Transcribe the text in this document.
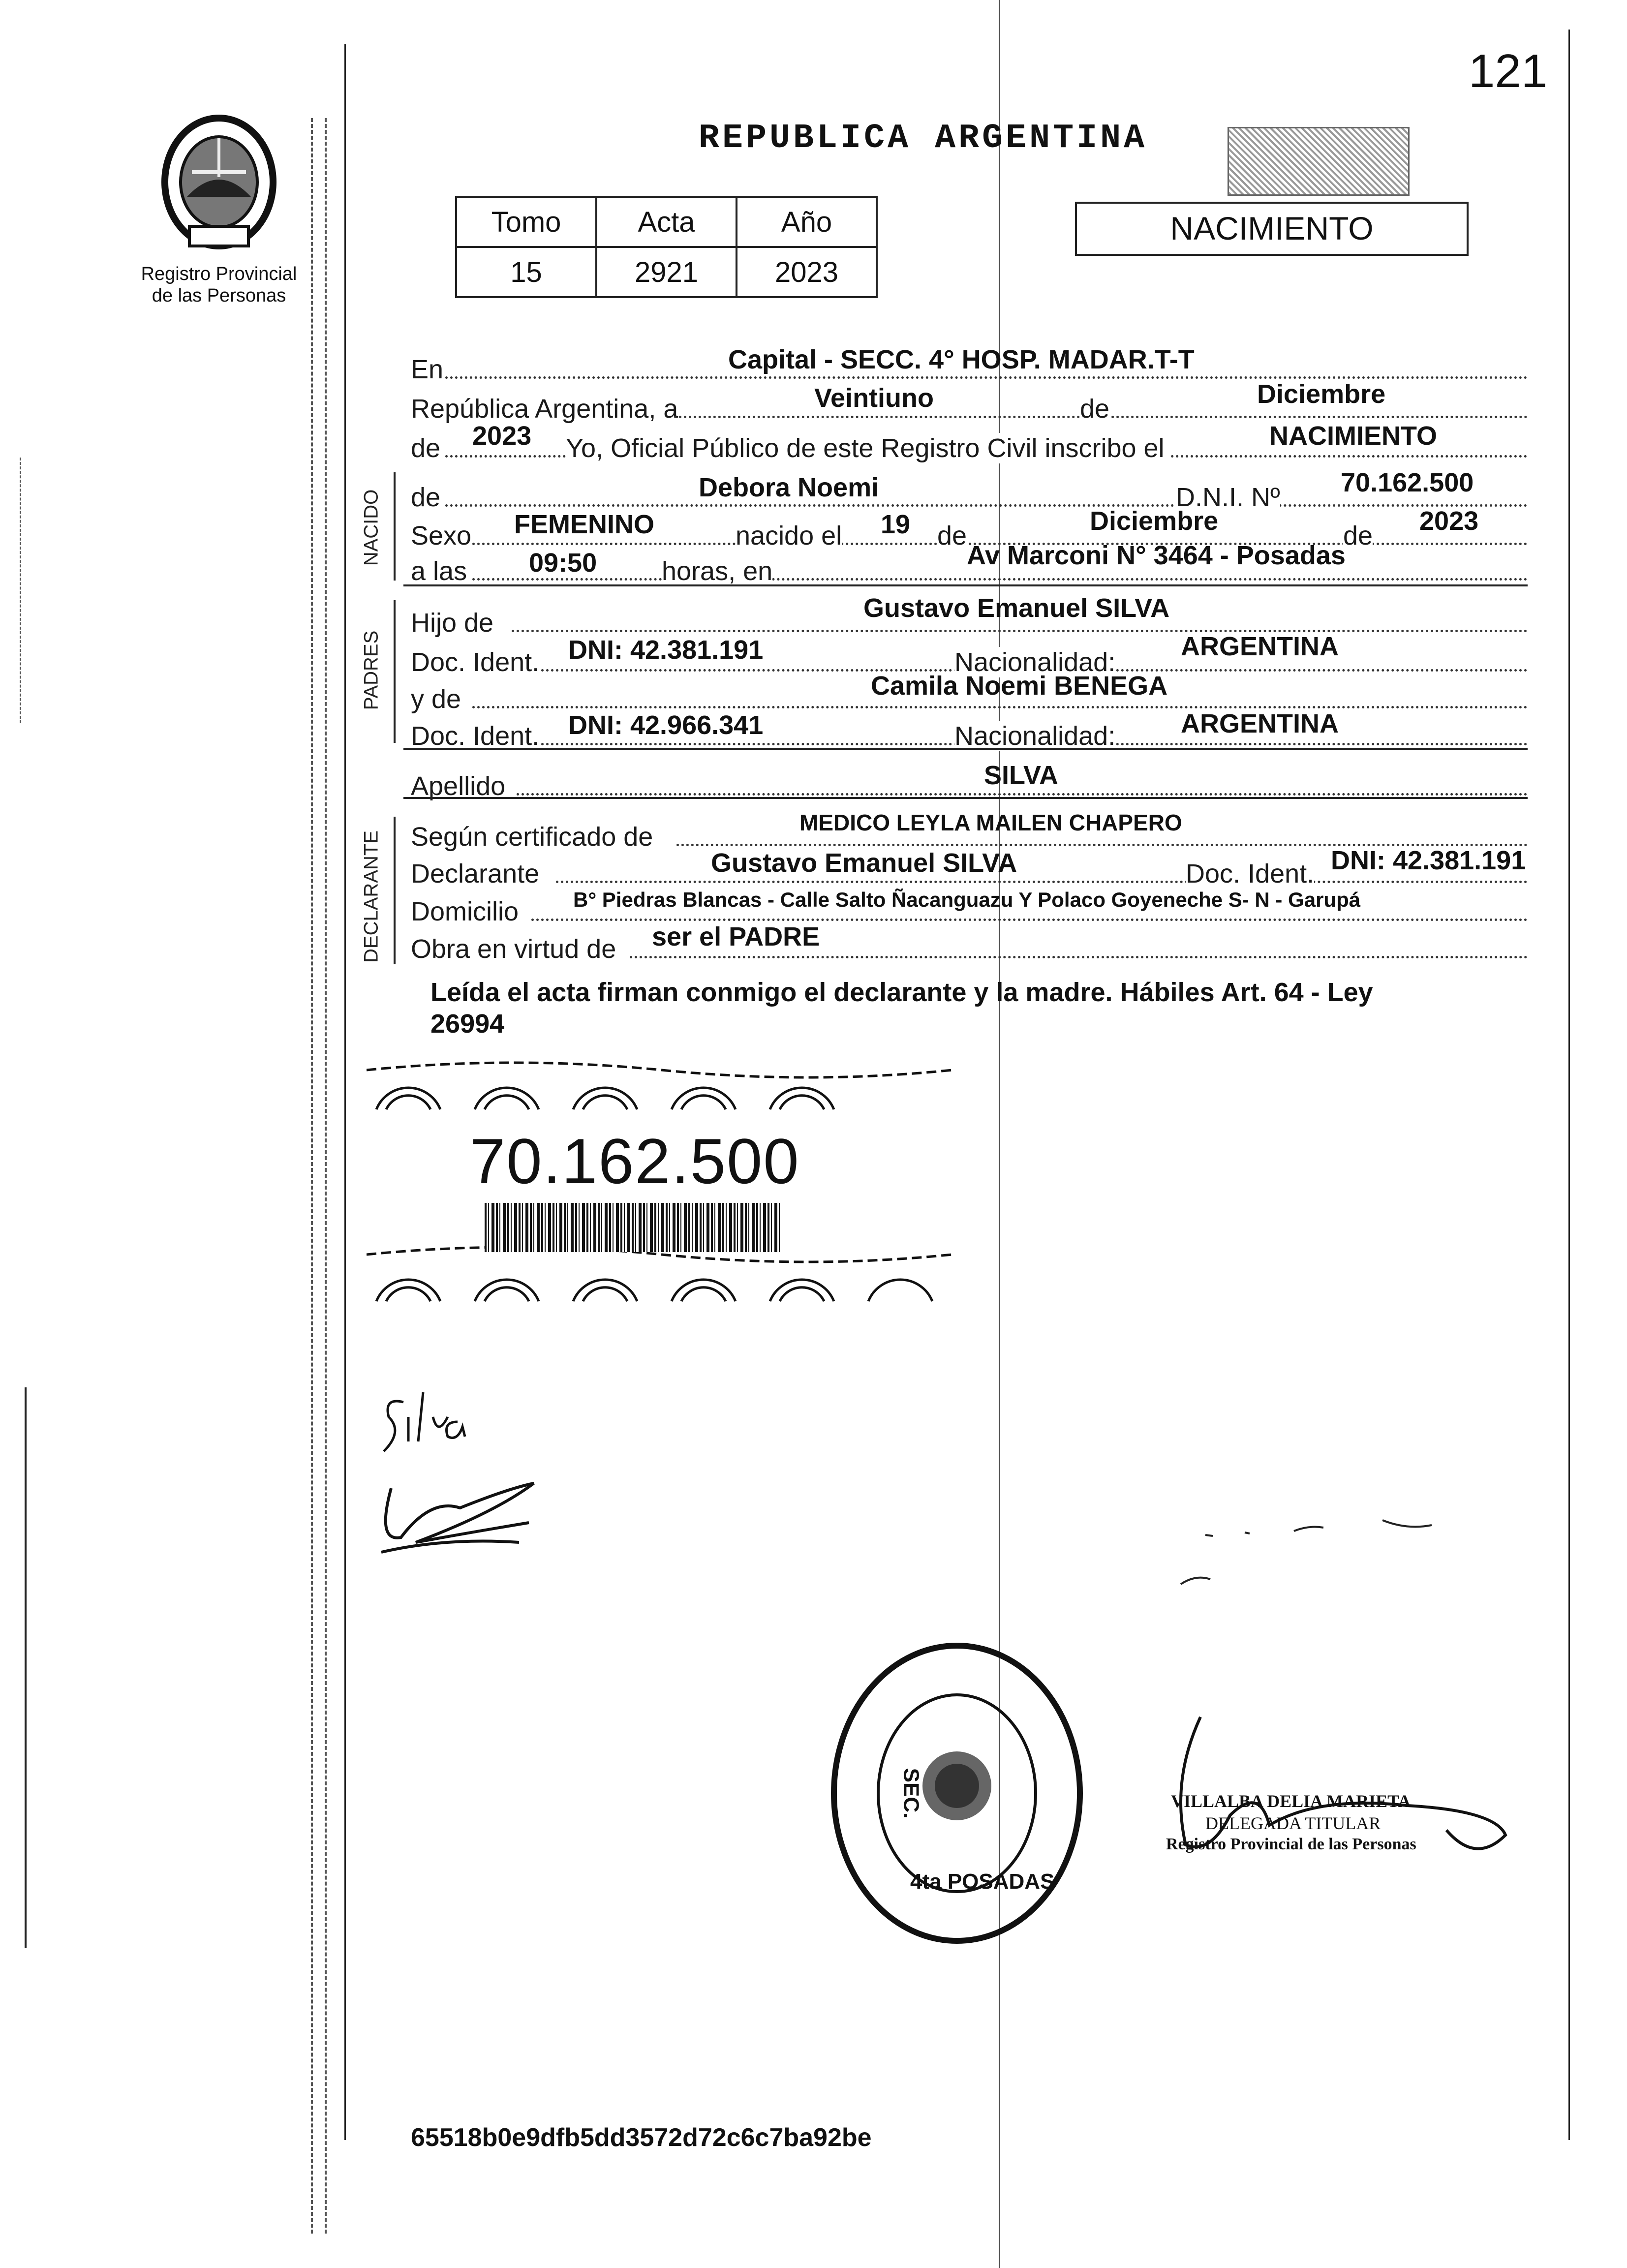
121
Registro Provincial
de las Personas
REPUBLICA ARGENTINA
Tomo	Acta	Año
15	2921	2023
NACIMIENTO
En	Capital - SECC. 4° HOSP. MADAR.T-T
República Argentina, a	Veintiuno	de	Diciembre
de 2023 Yo, Oficial Público de este Registro Civil inscribo el	NACIMIENTO
NACIDO de	Debora Noemi	D.N.I. Nº 70.162.500
Sexo FEMENINO	nacido el 19 de	Diciembre	de 2023
a las 09:50 horas, en
Av Marconi N° 3464 - Posadas
PADRES
Hijo de	Gustavo Emanuel SILVA
Doc. Ident. DNI: 42.381.191	Nacionalidad:
ARGENTINA
y de	Camila Noemi BENEGA
Doc. Ident. DNI: 42.966.341	Nacionalidad: ARGENTINA
Apellido	SILVA
DECLARANTE Según certificado de	MEDICO LEYLA MAILEN CHAPERO
Declarante	Gustavo Emanuel SILVA	Doc. Ident. DNI: 42.381.191
Domicilio	B° Piedras Blancas - Calle Salto Ñacanguazu Y Polaco Goyeneche S- N - Garupá
Obra en virtud de ser el PADRE
Leída el acta firman conmigo el declarante y la madre. Hábiles Art. 64 - Ley
26994
70.162.500
SEC.
4ta POSADAS
VILLALBA DELIA MARIETA
DELEGADA TITULAR
Registro Provincial de las Personas
65518b0e9dfb5dd3572d72c6c7ba92be
